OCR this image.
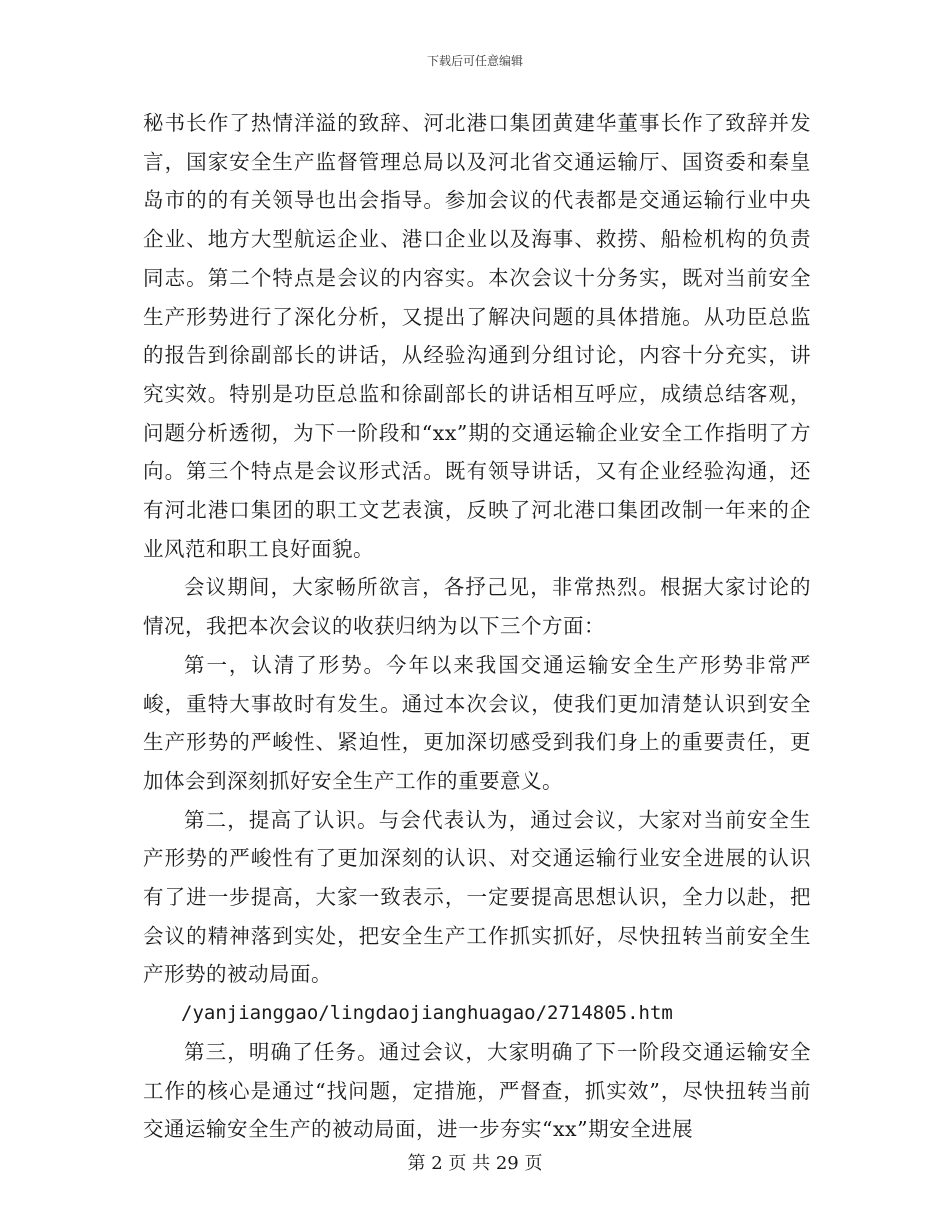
下载后可任意编辑

秘书长作了热情洋溢的致辞、河北港口集团黄建华董事长作了致辞并发言，国家安全生产监督管理总局以及河北省交通运输厅、国资委和秦皇岛市的的有关领导也出会指导。参加会议的代表都是交通运输行业中央企业、地方大型航运企业、港口企业以及海事、救捞、船检机构的负责同志。第二个特点是会议的内容实。本次会议十分务实，既对当前安全生产形势进行了深化分析，又提出了解决问题的具体措施。从功臣总监的报告到徐副部长的讲话，从经验沟通到分组讨论，内容十分充实，讲究实效。特别是功臣总监和徐副部长的讲话相互呼应，成绩总结客观，问题分析透彻，为下一阶段和“xx”期的交通运输企业安全工作指明了方向。第三个特点是会议形式活。既有领导讲话，又有企业经验沟通，还有河北港口集团的职工文艺表演，反映了河北港口集团改制一年来的企业风范和职工良好面貌。

会议期间，大家畅所欲言，各抒己见，非常热烈。根据大家讨论的情况，我把本次会议的收获归纳为以下三个方面：

第一，认清了形势。今年以来我国交通运输安全生产形势非常严峻，重特大事故时有发生。通过本次会议，使我们更加清楚认识到安全生产形势的严峻性、紧迫性，更加深切感受到我们身上的重要责任，更加体会到深刻抓好安全生产工作的重要意义。

第二，提高了认识。与会代表认为，通过会议，大家对当前安全生产形势的严峻性有了更加深刻的认识、对交通运输行业安全进展的认识有了进一步提高，大家一致表示，一定要提高思想认识，全力以赴，把会议的精神落到实处，把安全生产工作抓实抓好，尽快扭转当前安全生产形势的被动局面。

/yanjianggao/lingdaojianghuagao/2714805.htm

第三，明确了任务。通过会议，大家明确了下一阶段交通运输安全工作的核心是通过“找问题，定措施，严督查，抓实效”，尽快扭转当前交通运输安全生产的被动局面，进一步夯实“xx”期安全进展

第 2 页 共 29 页
